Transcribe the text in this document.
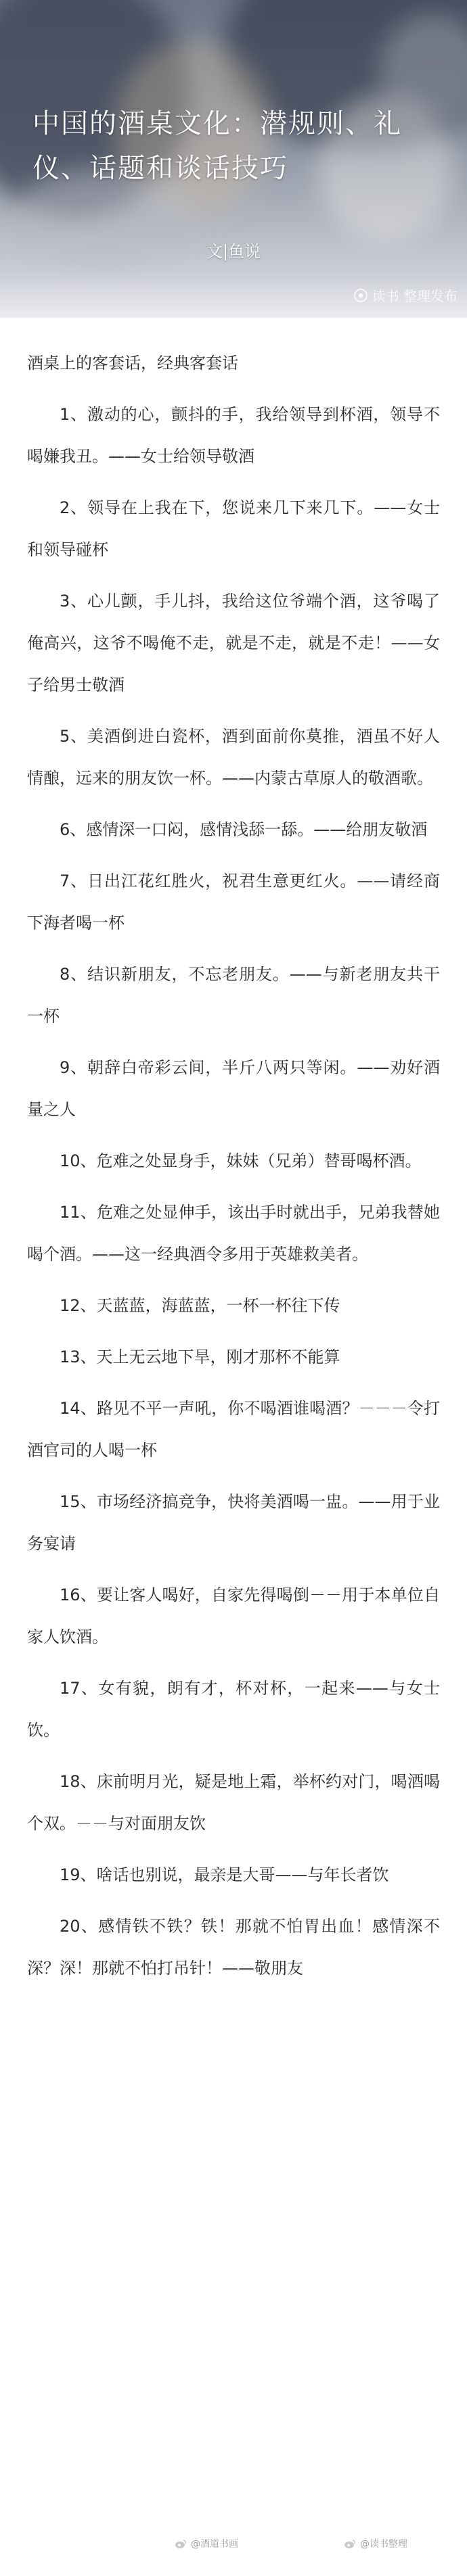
中国的酒桌文化：潜规则、礼仪、话题和谈话技巧
文|鱼说
读书 整理发布

酒桌上的客套话，经典客套话

1、激动的心，颤抖的手，我给领导到杯酒，领导不喝嫌我丑。——女士给领导敬酒

2、领导在上我在下，您说来几下来几下。——女士和领导碰杯

3、心儿颤，手儿抖，我给这位爷端个酒，这爷喝了俺高兴，这爷不喝俺不走，就是不走，就是不走！——女子给男士敬酒

5、美酒倒进白瓷杯，酒到面前你莫推，酒虽不好人情酿，远来的朋友饮一杯。——内蒙古草原人的敬酒歌。

6、感情深一口闷，感情浅舔一舔。——给朋友敬酒

7、日出江花红胜火，祝君生意更红火。——请经商下海者喝一杯

8、结识新朋友，不忘老朋友。——与新老朋友共干一杯

9、朝辞白帝彩云间，半斤八两只等闲。——劝好酒量之人

10、危难之处显身手，妹妹（兄弟）替哥喝杯酒。

11、危难之处显伸手，该出手时就出手，兄弟我替她喝个酒。——这一经典酒令多用于英雄救美者。

12、天蓝蓝，海蓝蓝，一杯一杯往下传

13、天上无云地下旱，刚才那杯不能算

14、路见不平一声吼，你不喝酒谁喝酒？－－－令打酒官司的人喝一杯

15、市场经济搞竞争，快将美酒喝一盅。——用于业务宴请

16、要让客人喝好，自家先得喝倒－－用于本单位自家人饮酒。

17、女有貌，朗有才，杯对杯，一起来——与女士饮。

18、床前明月光，疑是地上霜，举杯约对门，喝酒喝个双。－－与对面朋友饮

19、啥话也别说，最亲是大哥——与年长者饮

20、感情铁不铁？铁！那就不怕胃出血！感情深不深？深！那就不怕打吊针！——敬朋友

@酒道书画	@读书整理
